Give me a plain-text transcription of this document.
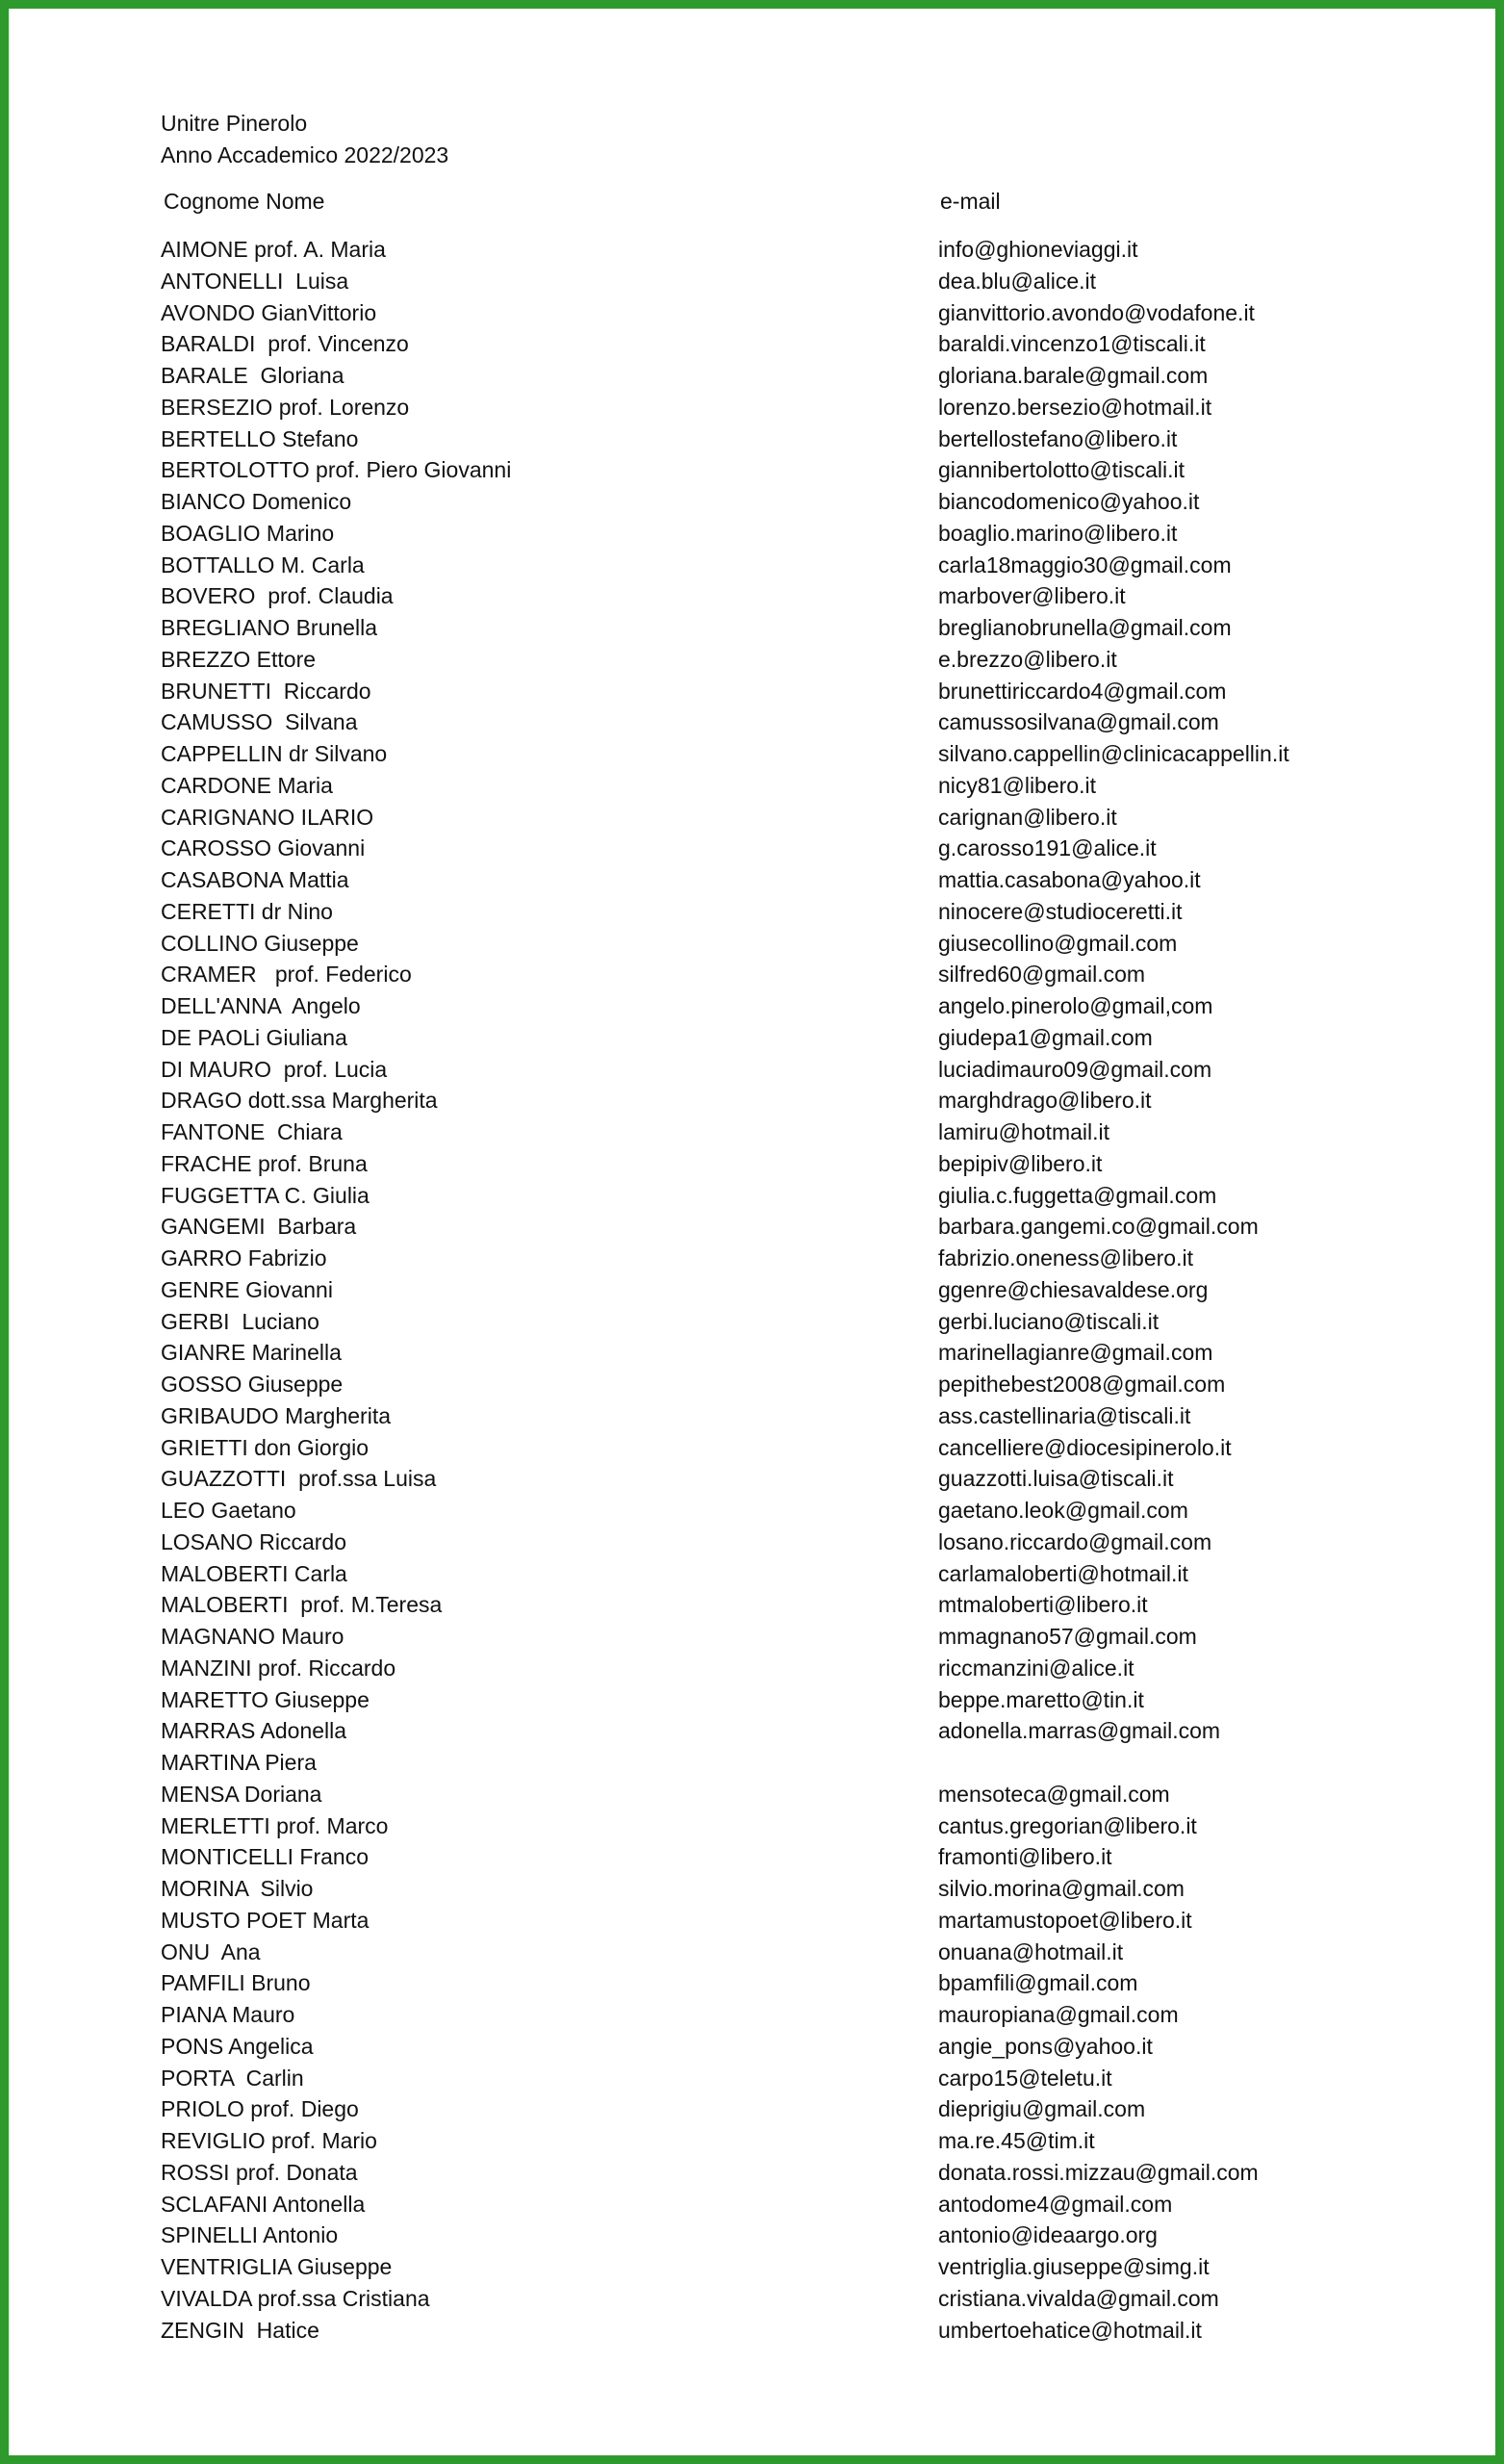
Unitre Pinerolo
Anno Accademico 2022/2023
Cognome Nome	e-mail
AIMONE prof. A. Maria	info@ghioneviaggi.it
ANTONELLI  Luisa	dea.blu@alice.it
AVONDO GianVittorio	gianvittorio.avondo@vodafone.it
BARALDI  prof. Vincenzo	baraldi.vincenzo1@tiscali.it
BARALE  Gloriana	gloriana.barale@gmail.com
BERSEZIO prof. Lorenzo	lorenzo.bersezio@hotmail.it
BERTELLO Stefano	bertellostefano@libero.it
BERTOLOTTO prof. Piero Giovanni	giannibertolotto@tiscali.it
BIANCO Domenico	biancodomenico@yahoo.it
BOAGLIO Marino	boaglio.marino@libero.it
BOTTALLO M. Carla	carla18maggio30@gmail.com
BOVERO  prof. Claudia	marbover@libero.it
BREGLIANO Brunella	breglianobrunella@gmail.com
BREZZO Ettore	e.brezzo@libero.it
BRUNETTI  Riccardo	brunettiriccardo4@gmail.com
CAMUSSO  Silvana	camussosilvana@gmail.com
CAPPELLIN dr Silvano	silvano.cappellin@clinicacappellin.it
CARDONE Maria	nicy81@libero.it
CARIGNANO ILARIO	carignan@libero.it
CAROSSO Giovanni	g.carosso191@alice.it
CASABONA Mattia	mattia.casabona@yahoo.it
CERETTI dr Nino	ninocere@studioceretti.it
COLLINO Giuseppe	giusecollino@gmail.com
CRAMER   prof. Federico	silfred60@gmail.com
DELL'ANNA  Angelo	angelo.pinerolo@gmail,com
DE PAOLi Giuliana	giudepa1@gmail.com
DI MAURO  prof. Lucia	luciadimauro09@gmail.com
DRAGO dott.ssa Margherita	marghdrago@libero.it
FANTONE  Chiara	lamiru@hotmail.it
FRACHE prof. Bruna	bepipiv@libero.it
FUGGETTA C. Giulia	giulia.c.fuggetta@gmail.com
GANGEMI  Barbara	barbara.gangemi.co@gmail.com
GARRO Fabrizio	fabrizio.oneness@libero.it
GENRE Giovanni	ggenre@chiesavaldese.org
GERBI  Luciano	gerbi.luciano@tiscali.it
GIANRE Marinella	marinellagianre@gmail.com
GOSSO Giuseppe	pepithebest2008@gmail.com
GRIBAUDO Margherita	ass.castellinaria@tiscali.it
GRIETTI don Giorgio	cancelliere@diocesipinerolo.it
GUAZZOTTI  prof.ssa Luisa	guazzotti.luisa@tiscali.it
LEO Gaetano	gaetano.leok@gmail.com
LOSANO Riccardo	losano.riccardo@gmail.com
MALOBERTI Carla	carlamaloberti@hotmail.it
MALOBERTI  prof. M.Teresa	mtmaloberti@libero.it
MAGNANO Mauro	mmagnano57@gmail.com
MANZINI prof. Riccardo	riccmanzini@alice.it
MARETTO Giuseppe	beppe.maretto@tin.it
MARRAS Adonella	adonella.marras@gmail.com
MARTINA Piera
MENSA Doriana	mensoteca@gmail.com
MERLETTI prof. Marco	cantus.gregorian@libero.it
MONTICELLI Franco	framonti@libero.it
MORINA  Silvio	silvio.morina@gmail.com
MUSTO POET Marta	martamustopoet@libero.it
ONU  Ana	onuana@hotmail.it
PAMFILI Bruno	bpamfili@gmail.com
PIANA Mauro	mauropiana@gmail.com
PONS Angelica	angie_pons@yahoo.it
PORTA  Carlin	carpo15@teletu.it
PRIOLO prof. Diego	dieprigiu@gmail.com
REVIGLIO prof. Mario	ma.re.45@tim.it
ROSSI prof. Donata	donata.rossi.mizzau@gmail.com
SCLAFANI Antonella	antodome4@gmail.com
SPINELLI Antonio	antonio@ideaargo.org
VENTRIGLIA Giuseppe	ventriglia.giuseppe@simg.it
VIVALDA prof.ssa Cristiana	cristiana.vivalda@gmail.com
ZENGIN  Hatice	umbertoehatice@hotmail.it
